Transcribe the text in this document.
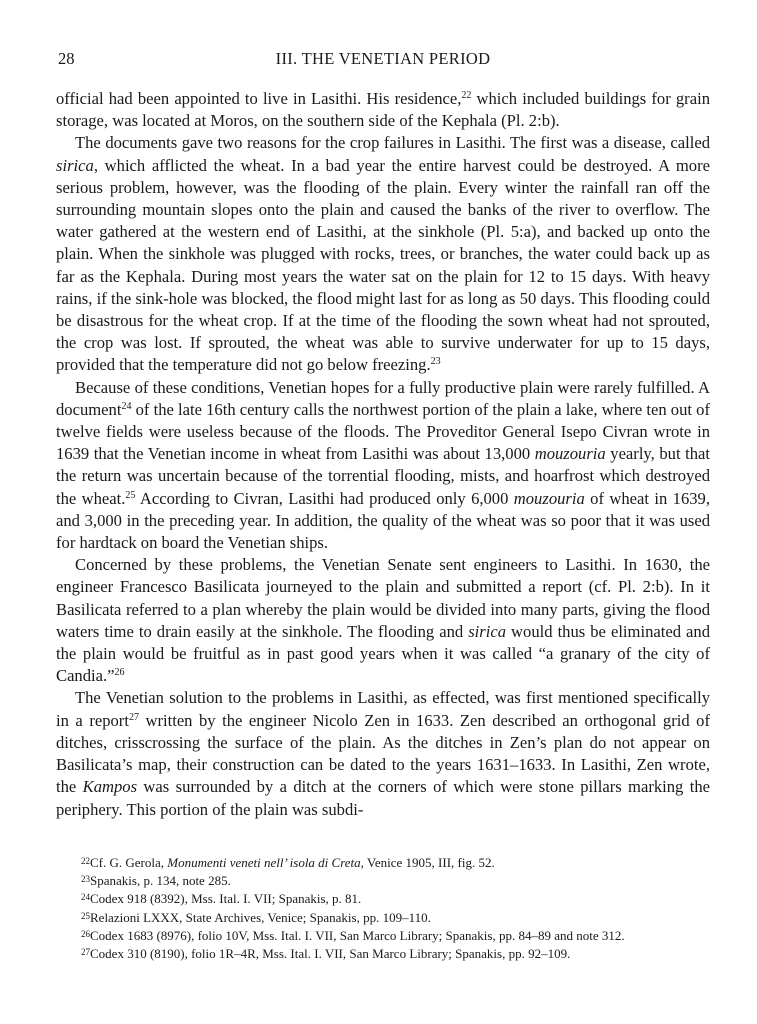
28	III. THE VENETIAN PERIOD

official had been appointed to live in Lasithi. His residence,$^{22}$ which included buildings for grain storage, was located at Moros, on the southern side of the Kephala (Pl. 2:b).

The documents gave two reasons for the crop failures in Lasithi. The first was a disease, called sirica, which afflicted the wheat. In a bad year the entire harvest could be destroyed. A more serious problem, however, was the flooding of the plain. Every winter the rainfall ran off the surrounding mountain slopes onto the plain and caused the banks of the river to overflow. The water gathered at the western end of Lasithi, at the sinkhole (Pl. 5:a), and backed up onto the plain. When the sinkhole was plugged with rocks, trees, or branches, the water could back up as far as the Kephala. During most years the water sat on the plain for 12 to 15 days. With heavy rains, if the sink-hole was blocked, the flood might last for as long as 50 days. This flooding could be disastrous for the wheat crop. If at the time of the flooding the sown wheat had not sprouted, the crop was lost. If sprouted, the wheat was able to survive underwater for up to 15 days, provided that the temperature did not go below freezing.$^{23}$

Because of these conditions, Venetian hopes for a fully productive plain were rarely fulfilled. A document$^{24}$ of the late 16th century calls the northwest portion of the plain a lake, where ten out of twelve fields were useless because of the floods. The Proveditor General Isepo Civran wrote in 1639 that the Venetian income in wheat from Lasithi was about 13,000 mouzouria yearly, but that the return was uncertain because of the torrential flooding, mists, and hoarfrost which destroyed the wheat.$^{25}$ According to Civran, Lasithi had produced only 6,000 mouzouria of wheat in 1639, and 3,000 in the preceding year. In addition, the quality of the wheat was so poor that it was used for hardtack on board the Venetian ships.

Concerned by these problems, the Venetian Senate sent engineers to Lasithi. In 1630, the engineer Francesco Basilicata journeyed to the plain and submitted a report (cf. Pl. 2:b). In it Basilicata referred to a plan whereby the plain would be divided into many parts, giving the flood waters time to drain easily at the sinkhole. The flooding and sirica would thus be eliminated and the plain would be fruitful as in past good years when it was called “a granary of the city of Candia.”$^{26}$

The Venetian solution to the problems in Lasithi, as effected, was first mentioned specifically in a report$^{27}$ written by the engineer Nicolo Zen in 1633. Zen described an orthogonal grid of ditches, crisscrossing the surface of the plain. As the ditches in Zen’s plan do not appear on Basilicata’s map, their construction can be dated to the years 1631–1633. In Lasithi, Zen wrote, the Kampos was surrounded by a ditch at the corners of which were stone pillars marking the periphery. This portion of the plain was subdi-

$^{22}$Cf. G. Gerola, Monumenti veneti nell’ isola di Creta, Venice 1905, III, fig. 52.
$^{23}$Spanakis, p. 134, note 285.
$^{24}$Codex 918 (8392), Mss. Ital. I. VII; Spanakis, p. 81.
$^{25}$Relazioni LXXX, State Archives, Venice; Spanakis, pp. 109–110.
$^{26}$Codex 1683 (8976), folio 10V, Mss. Ital. I. VII, San Marco Library; Spanakis, pp. 84–89 and note 312.
$^{27}$Codex 310 (8190), folio 1R–4R, Mss. Ital. I. VII, San Marco Library; Spanakis, pp. 92–109.
